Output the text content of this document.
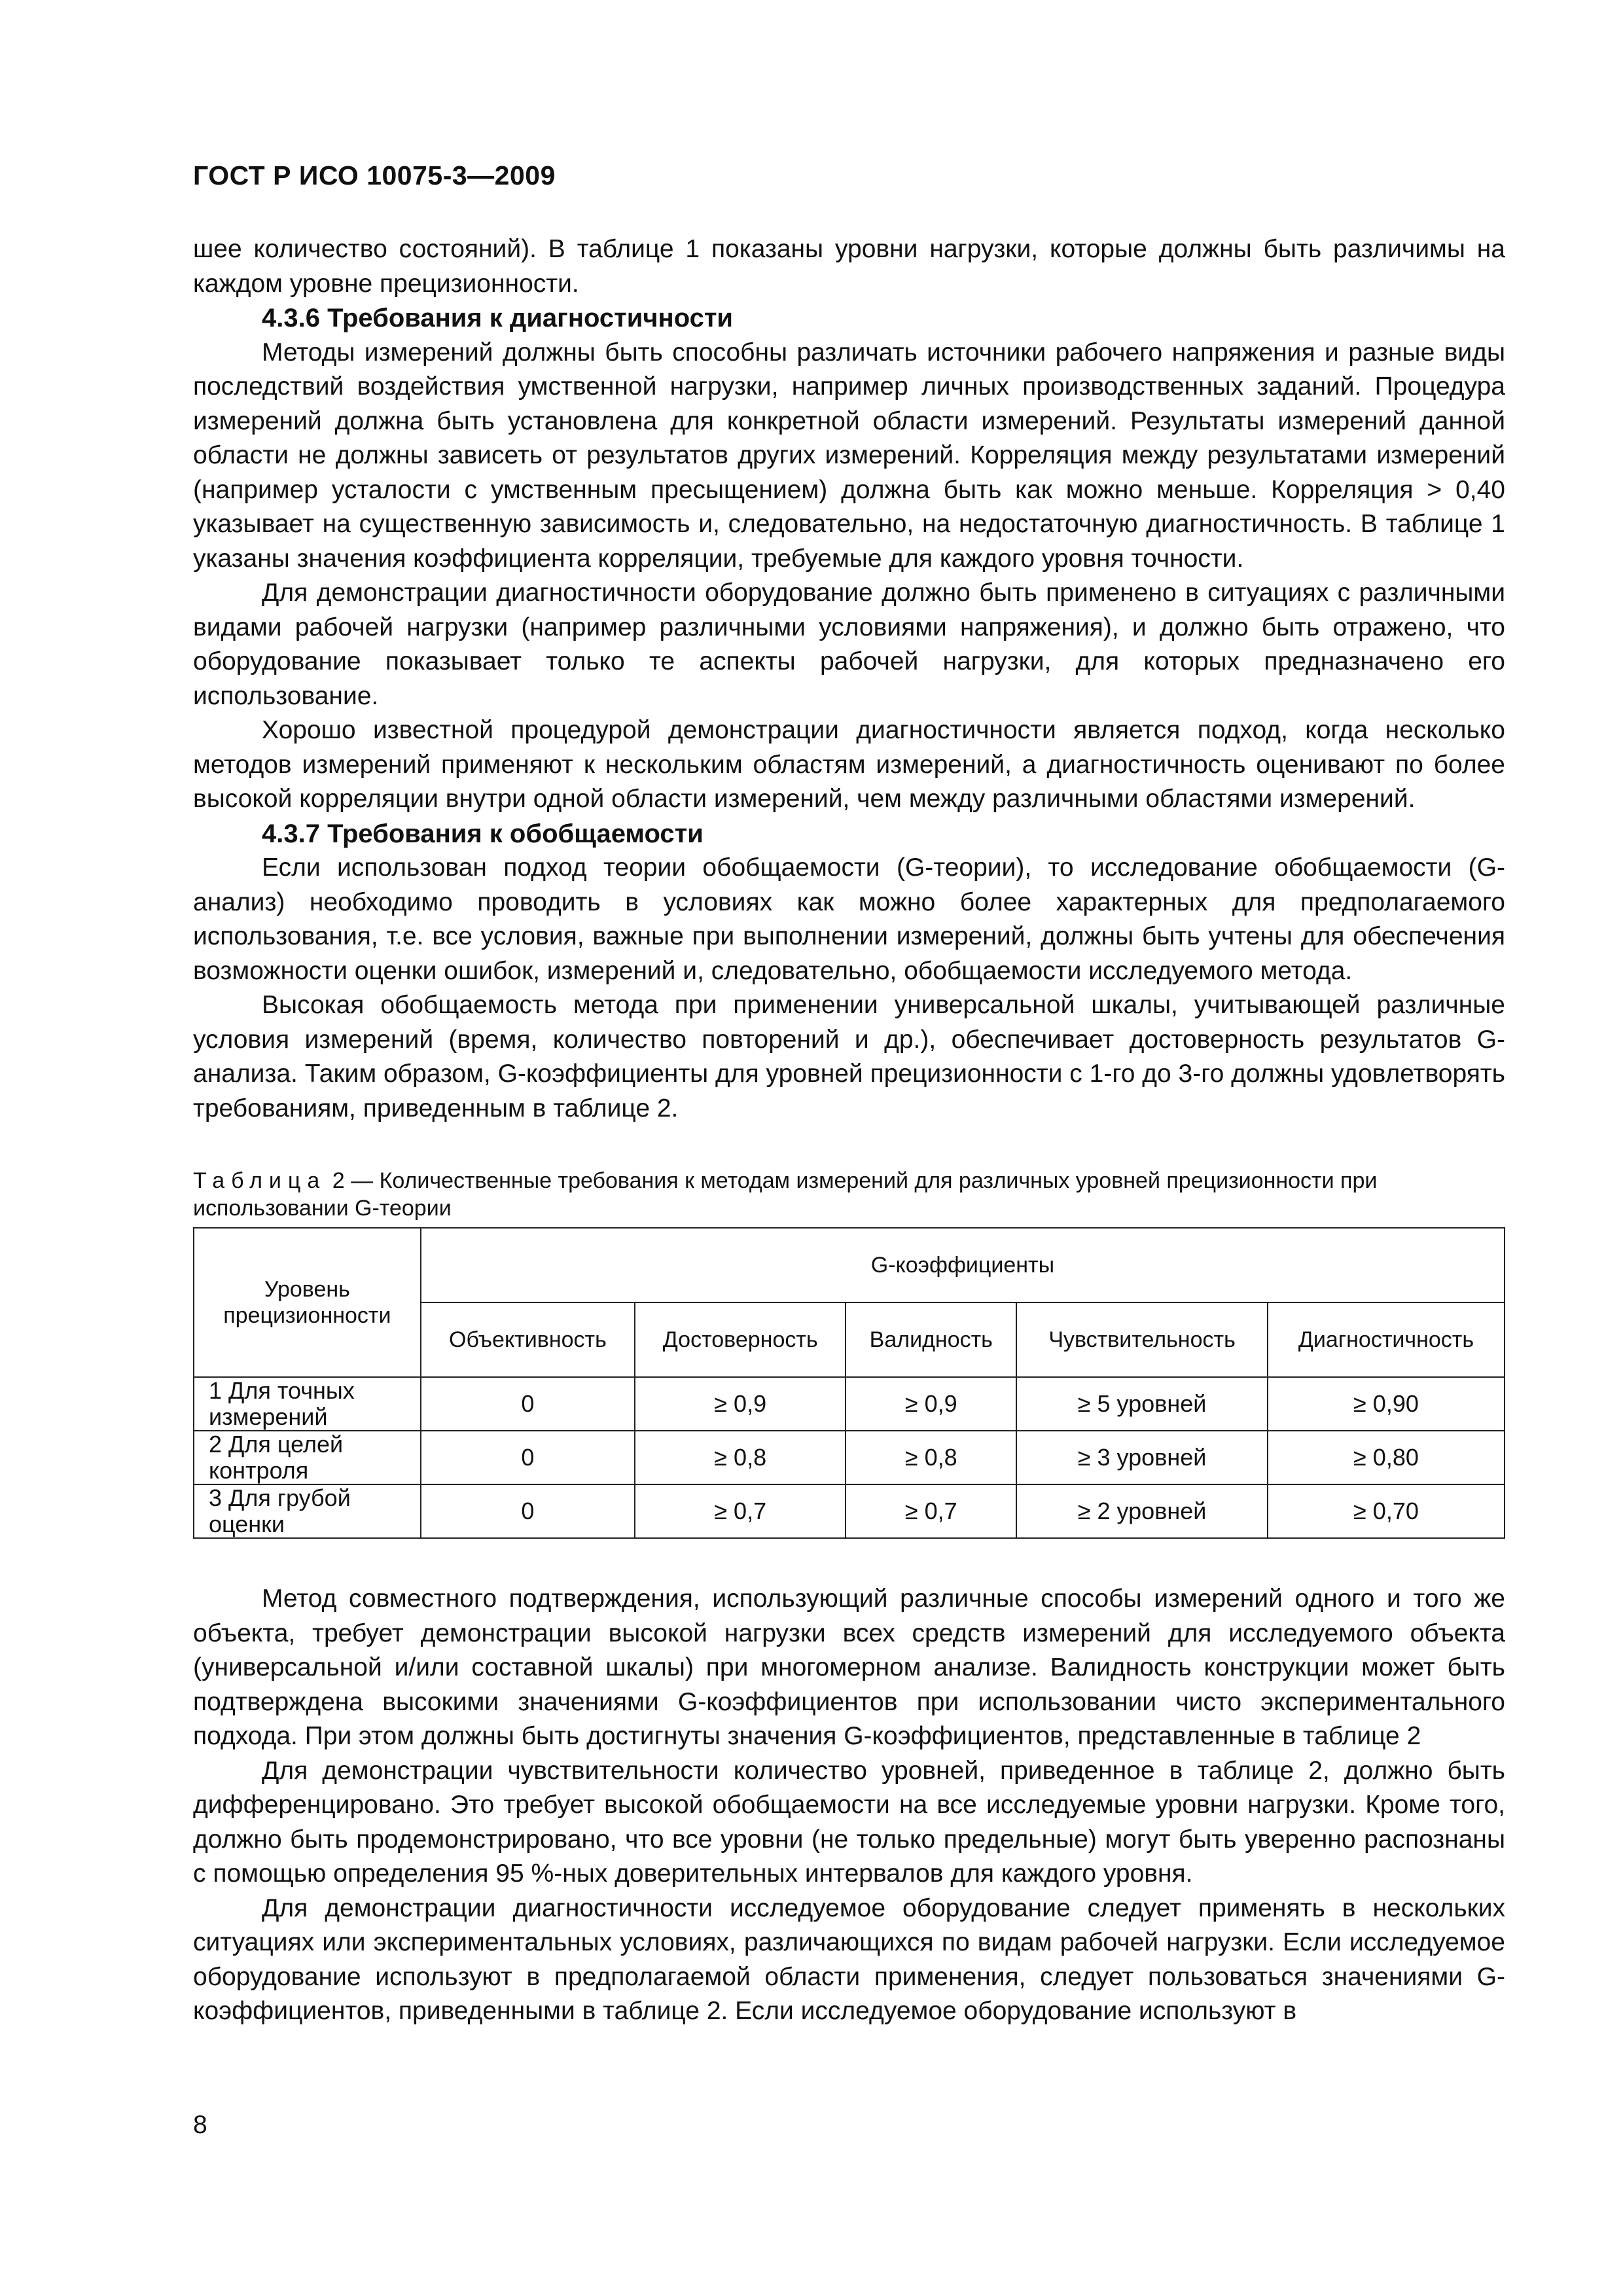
ГОСТ Р ИСО 10075-3—2009

шее количество состояний). В таблице 1 показаны уровни нагрузки, которые должны быть различимы на каждом уровне прецизионности.

4.3.6 Требования к диагностичности

Методы измерений должны быть способны различать источники рабочего напряжения и разные виды последствий воздействия умственной нагрузки, например личных производственных заданий. Процедура измерений должна быть установлена для конкретной области измерений. Результаты измерений данной области не должны зависеть от результатов других измерений. Корреляция между результатами измерений (например усталости с умственным пресыщением) должна быть как можно меньше. Корреляция > 0,40 указывает на существенную зависимость и, следовательно, на недостаточную диагностичность. В таблице 1 указаны значения коэффициента корреляции, требуемые для каждого уровня точности.

Для демонстрации диагностичности оборудование должно быть применено в ситуациях с различными видами рабочей нагрузки (например различными условиями напряжения), и должно быть отражено, что оборудование показывает только те аспекты рабочей нагрузки, для которых предназначено его использование.

Хорошо известной процедурой демонстрации диагностичности является подход, когда несколько методов измерений применяют к нескольким областям измерений, а диагностичность оценивают по более высокой корреляции внутри одной области измерений, чем между различными областями измерений.

4.3.7 Требования к обобщаемости

Если использован подход теории обобщаемости (G-теории), то исследование обобщаемости (G-анализ) необходимо проводить в условиях как можно более характерных для предполагаемого использования, т.е. все условия, важные при выполнении измерений, должны быть учтены для обеспечения возможности оценки ошибок, измерений и, следовательно, обобщаемости исследуемого метода.

Высокая обобщаемость метода при применении универсальной шкалы, учитывающей различные условия измерений (время, количество повторений и др.), обеспечивает достоверность результатов G-анализа. Таким образом, G-коэффициенты для уровней прецизионности с 1-го до 3-го должны удовлетворять требованиям, приведенным в таблице 2.

Таблица 2 — Количественные требования к методам измерений для различных уровней прецизионности при использовании G-теории
Уровень прецизионности	G-коэффициенты				
	Объективность	Достоверность	Валидность	Чувствительность	Диагностичность
1 Для точных измерений	0	≥ 0,9	≥ 0,9	≥ 5 уровней	≥ 0,90
2 Для целей контроля	0	≥ 0,8	≥ 0,8	≥ 3 уровней	≥ 0,80
3 Для грубой оценки	0	≥ 0,7	≥ 0,7	≥ 2 уровней	≥ 0,70

Метод совместного подтверждения, использующий различные способы измерений одного и того же объекта, требует демонстрации высокой нагрузки всех средств измерений для исследуемого объекта (универсальной и/или составной шкалы) при многомерном анализе. Валидность конструкции может быть подтверждена высокими значениями G-коэффициентов при использовании чисто экспериментального подхода. При этом должны быть достигнуты значения G-коэффициентов, представленные в таблице 2

Для демонстрации чувствительности количество уровней, приведенное в таблице 2, должно быть дифференцировано. Это требует высокой обобщаемости на все исследуемые уровни нагрузки. Кроме того, должно быть продемонстрировано, что все уровни (не только предельные) могут быть уверенно распознаны с помощью определения 95 %-ных доверительных интервалов для каждого уровня.

Для демонстрации диагностичности исследуемое оборудование следует применять в нескольких ситуациях или экспериментальных условиях, различающихся по видам рабочей нагрузки. Если исследуемое оборудование используют в предполагаемой области применения, следует пользоваться значениями G-коэффициентов, приведенными в таблице 2. Если исследуемое оборудование используют в

8
